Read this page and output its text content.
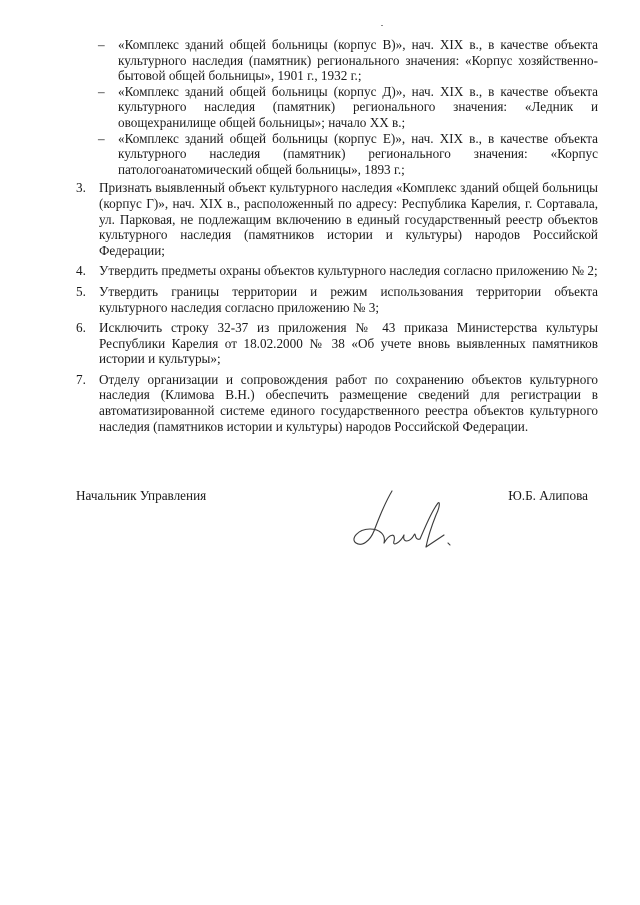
– «Комплекс зданий общей больницы (корпус В)», нач. XIX в., в качестве объекта культурного наследия (памятник) регионального значения: «Корпус хозяйственно-бытовой общей больницы», 1901 г., 1932 г.;
– «Комплекс зданий общей больницы (корпус Д)», нач. XIX в., в качестве объекта культурного наследия (памятник) регионального значения: «Ледник и овощехранилище общей больницы»; начало XX в.;
– «Комплекс зданий общей больницы (корпус Е)», нач. XIX в., в качестве объекта культурного наследия (памятник) регионального значения: «Корпус патологоанатомический общей больницы», 1893 г.;
3. Признать выявленный объект культурного наследия «Комплекс зданий общей больницы (корпус Г)», нач. XIX в., расположенный по адресу: Республика Карелия, г. Сортавала, ул. Парковая, не подлежащим включению в единый государственный реестр объектов культурного наследия (памятников истории и культуры) народов Российской Федерации;
4. Утвердить предметы охраны объектов культурного наследия согласно приложению № 2;
5. Утвердить границы территории и режим использования территории объекта культурного наследия согласно приложению № 3;
6. Исключить строку 32-37 из приложения № 43 приказа Министерства культуры Республики Карелия от 18.02.2000 № 38 «Об учете вновь выявленных памятников истории и культуры»;
7. Отделу организации и сопровождения работ по сохранению объектов культурного наследия (Климова В.Н.) обеспечить размещение сведений для регистрации в автоматизированной системе единого государственного реестра объектов культурного наследия (памятников истории и культуры) народов Российской Федерации.
Начальник Управления	Ю.Б. Алипова
